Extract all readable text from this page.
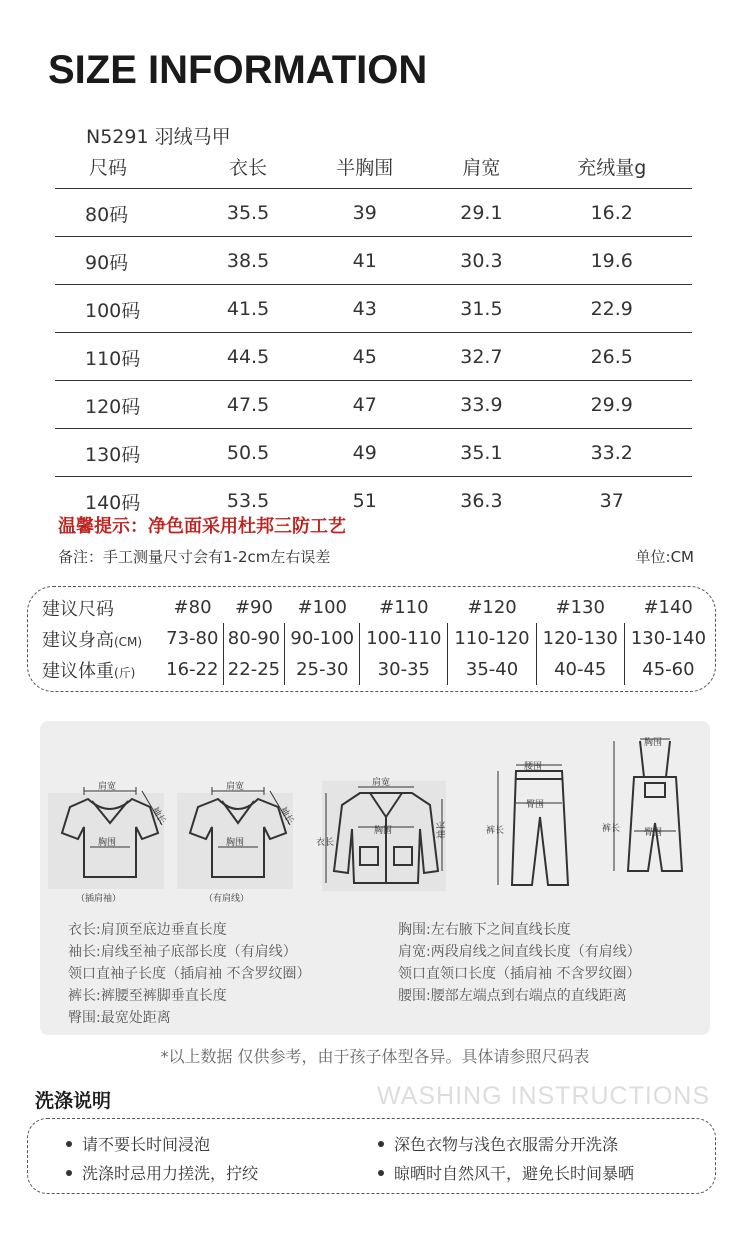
SIZE INFORMATION
N5291 羽绒马甲
尺码	衣长	半胸围	肩宽	充绒量g
80码	35.5	39	29.1	16.2
90码	38.5	41	30.3	19.6
100码	41.5	43	31.5	22.9
110码	44.5	45	32.7	26.5
120码	47.5	47	33.9	29.9
130码	50.5	49	35.1	33.2
140码	53.5	51	36.3	37
温馨提示：净色面采用杜邦三防工艺
备注：手工测量尺寸会有1-2cm左右误差	单位:CM
建议尺码	#80	#90	#100	#110	#120	#130	#140
建议身高(CM)	73-80	80-90	90-100	100-110	110-120	120-130	130-140
建议体重(斤)	16-22	22-25	25-30	30-35	35-40	40-45	45-60
肩宽
袖长
胸围
肩宽
袖长
胸围
肩宽
衣长
袖长
胸围
腰围
臀围
裤长
胸围
臀围
裤长
（插肩袖）	（有肩线）
衣长:肩顶至底边垂直长度
袖长:肩线至袖子底部长度（有肩线）
领口直袖子长度（插肩袖 不含罗纹圈）
裤长:裤腰至裤脚垂直长度
臀围:最宽处距离
胸围:左右腋下之间直线长度
肩宽:两段肩线之间直线长度（有肩线）
领口直领口长度（插肩袖 不含罗纹圈）
腰围:腰部左端点到右端点的直线距离
*以上数据 仅供参考，由于孩子体型各异。具体请参照尺码表
洗涤说明	WASHING INSTRUCTIONS
请不要长时间浸泡	深色衣物与浅色衣服需分开洗涤
洗涤时忌用力搓洗，拧绞	晾晒时自然风干，避免长时间暴晒
